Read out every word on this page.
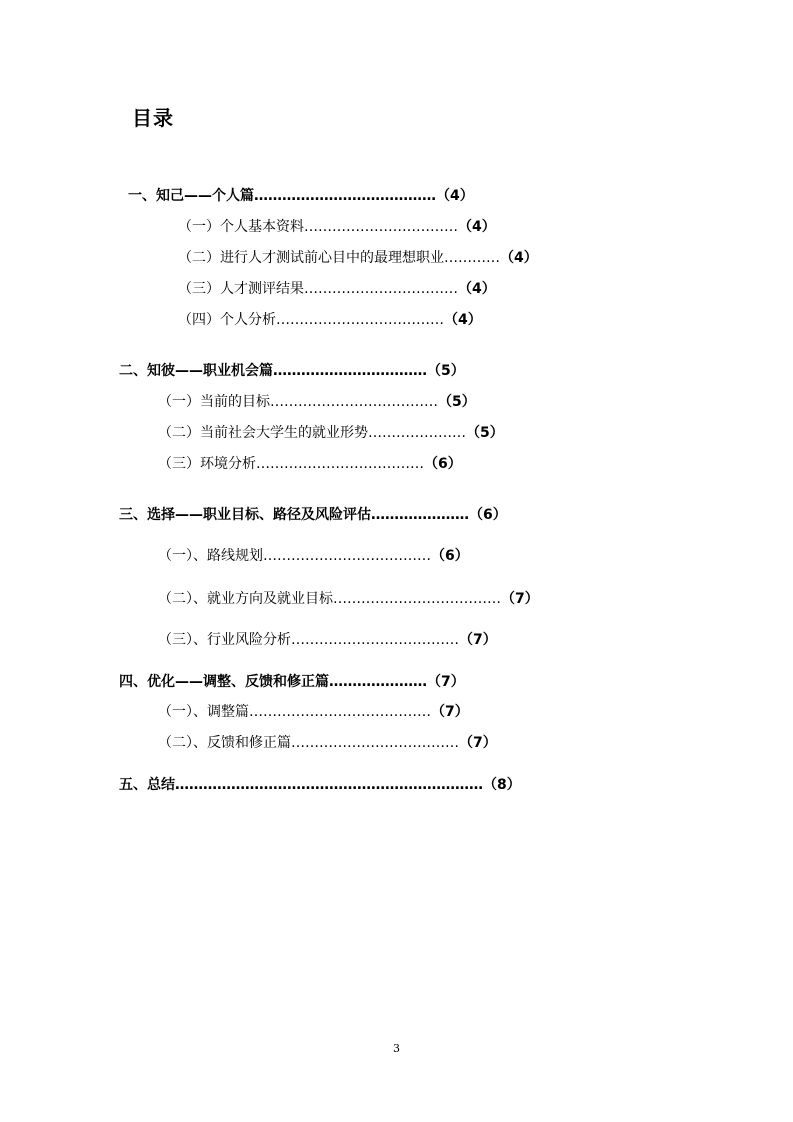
目录
一、知己——个人篇…………………………………（4）
（一）个人基本资料……………………………（4）
（二）进行人才测试前心目中的最理想职业…………（4）
（三）人才测评结果……………………………（4）
（四）个人分析………………………………（4）
二、知彼——职业机会篇……………………………（5）
（一）当前的目标………………………………（5）
（二）当前社会大学生的就业形势…………………（5）
（三）环境分析………………………………（6）
三、选择——职业目标、路径及风险评估…………………（6）
（一）、路线规划………………………………（6）
（二）、就业方向及就业目标………………………………（7）
（三）、行业风险分析………………………………（7）
四、优化——调整、反馈和修正篇…………………（7）
（一）、调整篇…………………………………（7）
（二）、反馈和修正篇………………………………（7）
五、总结…………………………………………………………（8）
3
